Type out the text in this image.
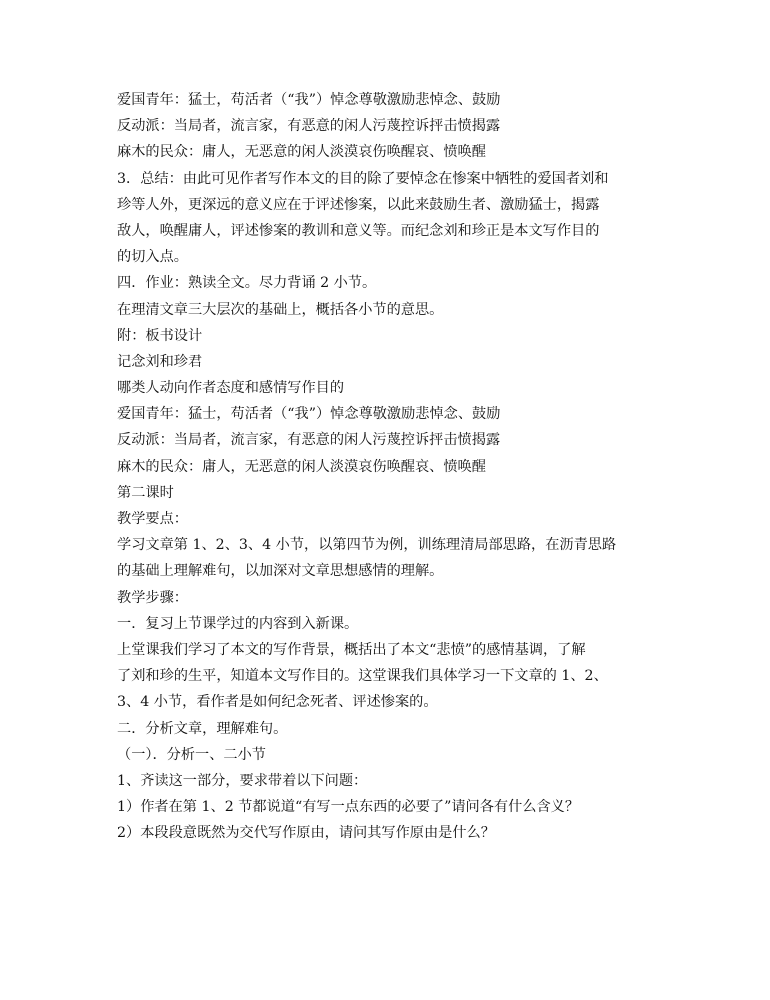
爱国青年：猛士，苟活者（“我”）悼念尊敬激励悲悼念、鼓励

反动派：当局者，流言家，有恶意的闲人污蔑控诉抨击愤揭露

麻木的民众：庸人，无恶意的闲人淡漠哀伤唤醒哀、愤唤醒

3．总结：由此可见作者写作本文的目的除了要悼念在惨案中牺牲的爱国者刘和

珍等人外，更深远的意义应在于评述惨案，以此来鼓励生者、激励猛士，揭露

敌人，唤醒庸人，评述惨案的教训和意义等。而纪念刘和珍正是本文写作目的

的切入点。

四．作业：熟读全文。尽力背诵 2 小节。

在理清文章三大层次的基础上，概括各小节的意思。

附：板书设计

记念刘和珍君

哪类人动向作者态度和感情写作目的

爱国青年：猛士，苟活者（“我”）悼念尊敬激励悲悼念、鼓励

反动派：当局者，流言家，有恶意的闲人污蔑控诉抨击愤揭露

麻木的民众：庸人，无恶意的闲人淡漠哀伤唤醒哀、愤唤醒

第二课时

教学要点：

学习文章第 1、2、3、4 小节，以第四节为例，训练理清局部思路，在沥青思路

的基础上理解难句，以加深对文章思想感情的理解。

教学步骤：

一．复习上节课学过的内容到入新课。

上堂课我们学习了本文的写作背景，概括出了本文“悲愤”的感情基调，了解

了刘和珍的生平，知道本文写作目的。这堂课我们具体学习一下文章的 1、2、

3、4 小节，看作者是如何纪念死者、评述惨案的。

二．分析文章，理解难句。

（一）．分析一、二小节

1、齐读这一部分，要求带着以下问题：

1）作者在第 1、2 节都说道“有写一点东西的必要了”请问各有什么含义？

2）本段段意既然为交代写作原由，请问其写作原由是什么？
